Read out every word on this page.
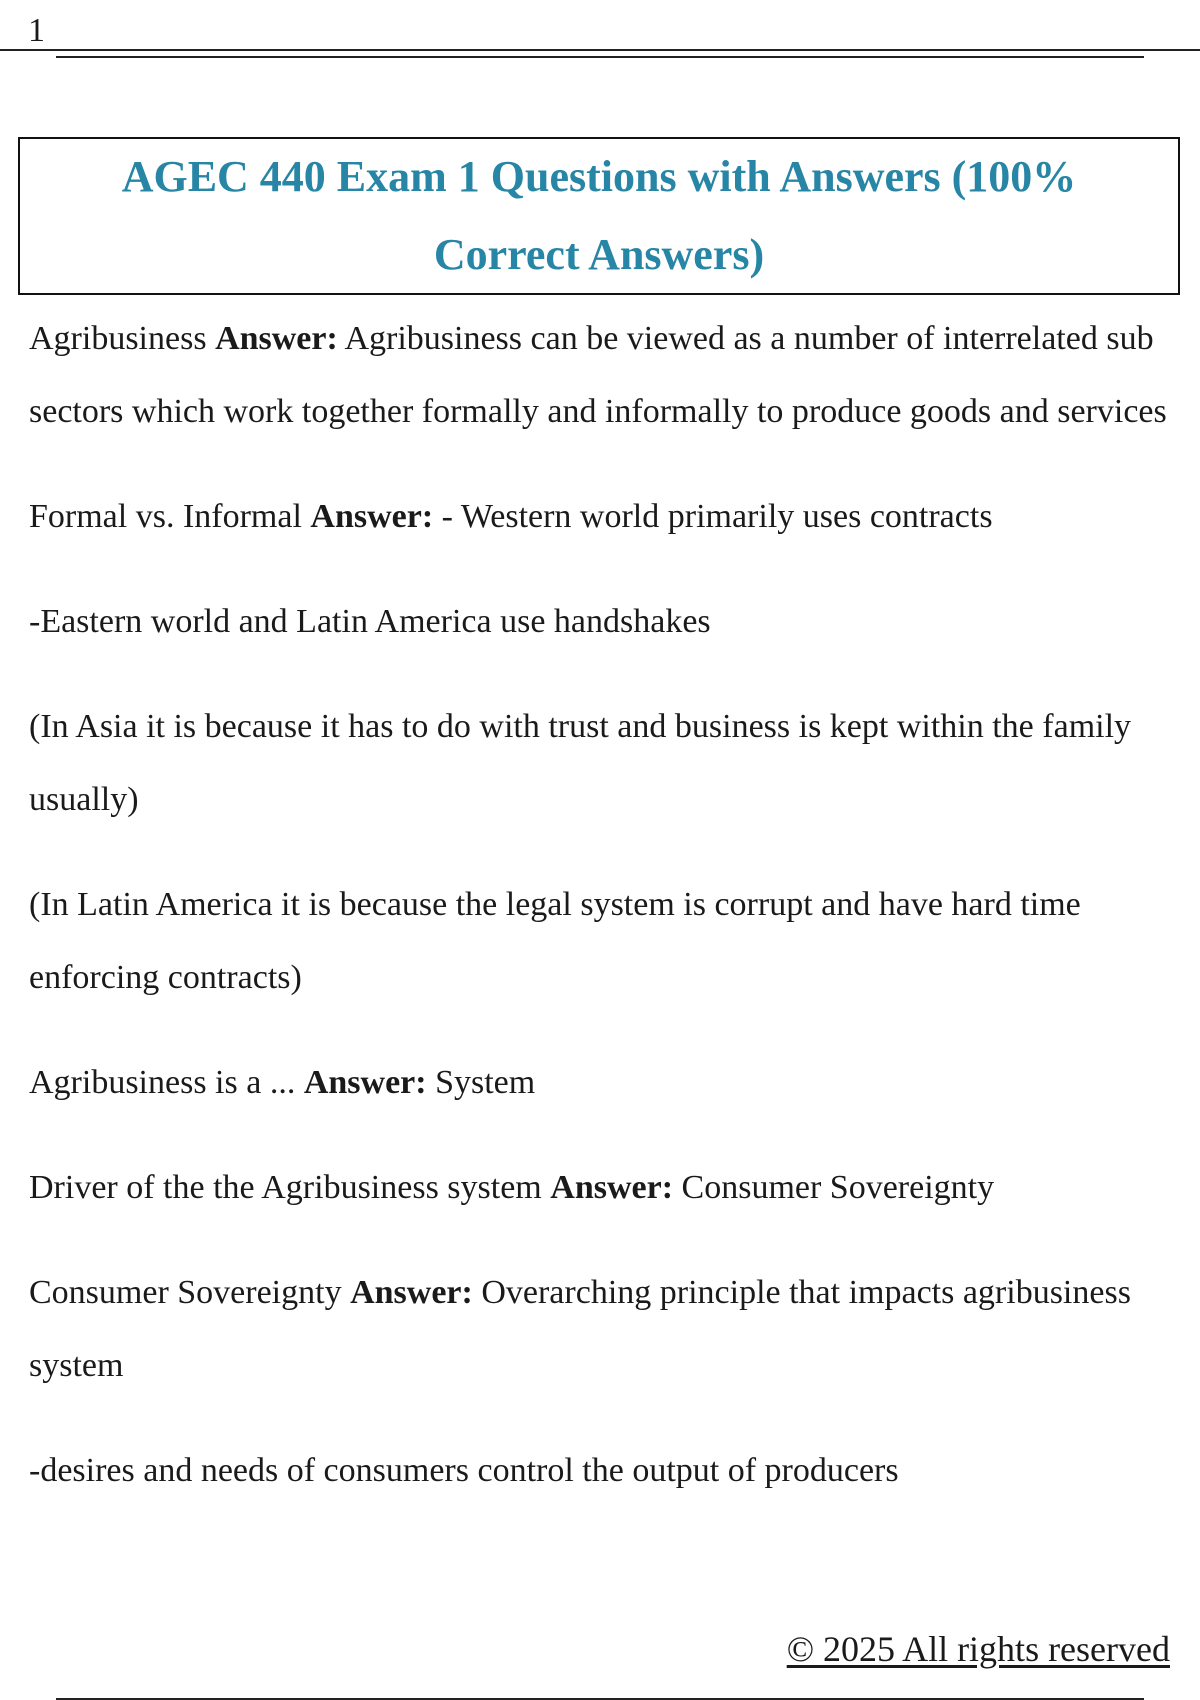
1
AGEC 440 Exam 1 Questions with Answers (100% Correct Answers)

Agribusiness Answer: Agribusiness can be viewed as a number of interrelated sub sectors which work together formally and informally to produce goods and services

Formal vs. Informal Answer: - Western world primarily uses contracts

-Eastern world and Latin America use handshakes

(In Asia it is because it has to do with trust and business is kept within the family usually)

(In Latin America it is because the legal system is corrupt and have hard time enforcing contracts)

Agribusiness is a ... Answer: System

Driver of the the Agribusiness system Answer: Consumer Sovereignty

Consumer Sovereignty Answer: Overarching principle that impacts agribusiness system

-desires and needs of consumers control the output of producers

© 2025 All rights reserved
